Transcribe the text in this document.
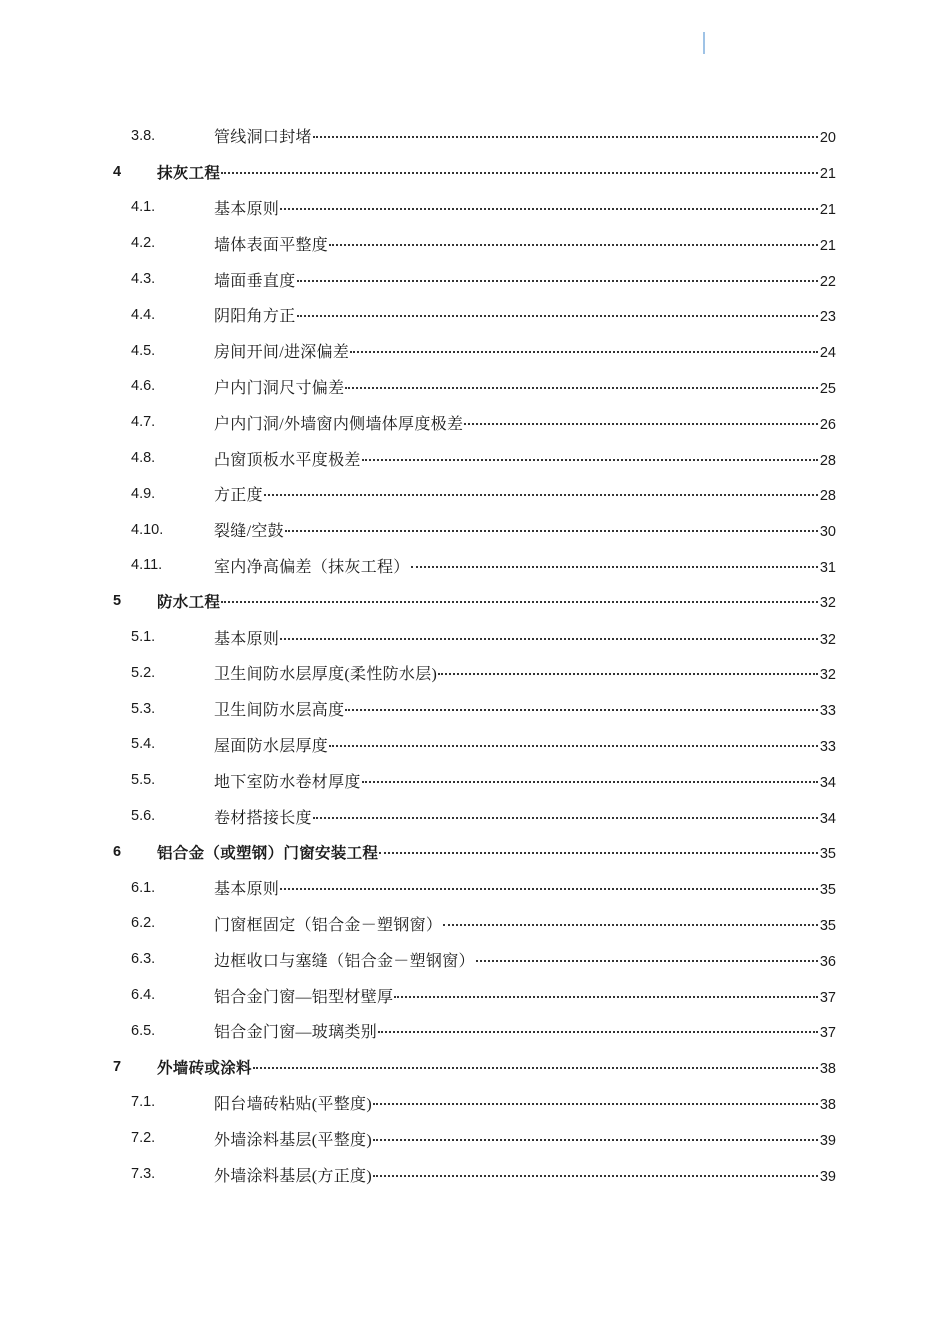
3.8.	管线洞口封堵	20
4 抹灰工程	21
4.1.	基本原则	21
4.2.	墙体表面平整度	21
4.3.	墙面垂直度	22
4.4.	阴阳角方正	23
4.5.	房间开间/进深偏差	24
4.6.	户内门洞尺寸偏差	25
4.7.	户内门洞/外墙窗内侧墙体厚度极差	26
4.8.	凸窗顶板水平度极差	28
4.9.	方正度	28
4.10.	裂缝/空鼓	30
4.11.	室内净高偏差（抹灰工程）	31
5 防水工程	32
5.1.	基本原则	32
5.2.	卫生间防水层厚度(柔性防水层)	32
5.3.	卫生间防水层高度	33
5.4.	屋面防水层厚度	33
5.5.	地下室防水卷材厚度	34
5.6.	卷材搭接长度	34
6 铝合金（或塑钢）门窗安装工程	35
6.1.	基本原则	35
6.2.	门窗框固定（铝合金－塑钢窗）	35
6.3.	边框收口与塞缝（铝合金－塑钢窗）	36
6.4.	铝合金门窗—铝型材壁厚	37
6.5.	铝合金门窗—玻璃类别	37
7 外墙砖或涂料	38
7.1.	阳台墙砖粘贴(平整度)	38
7.2.	外墙涂料基层(平整度)	39
7.3.	外墙涂料基层(方正度)	39
